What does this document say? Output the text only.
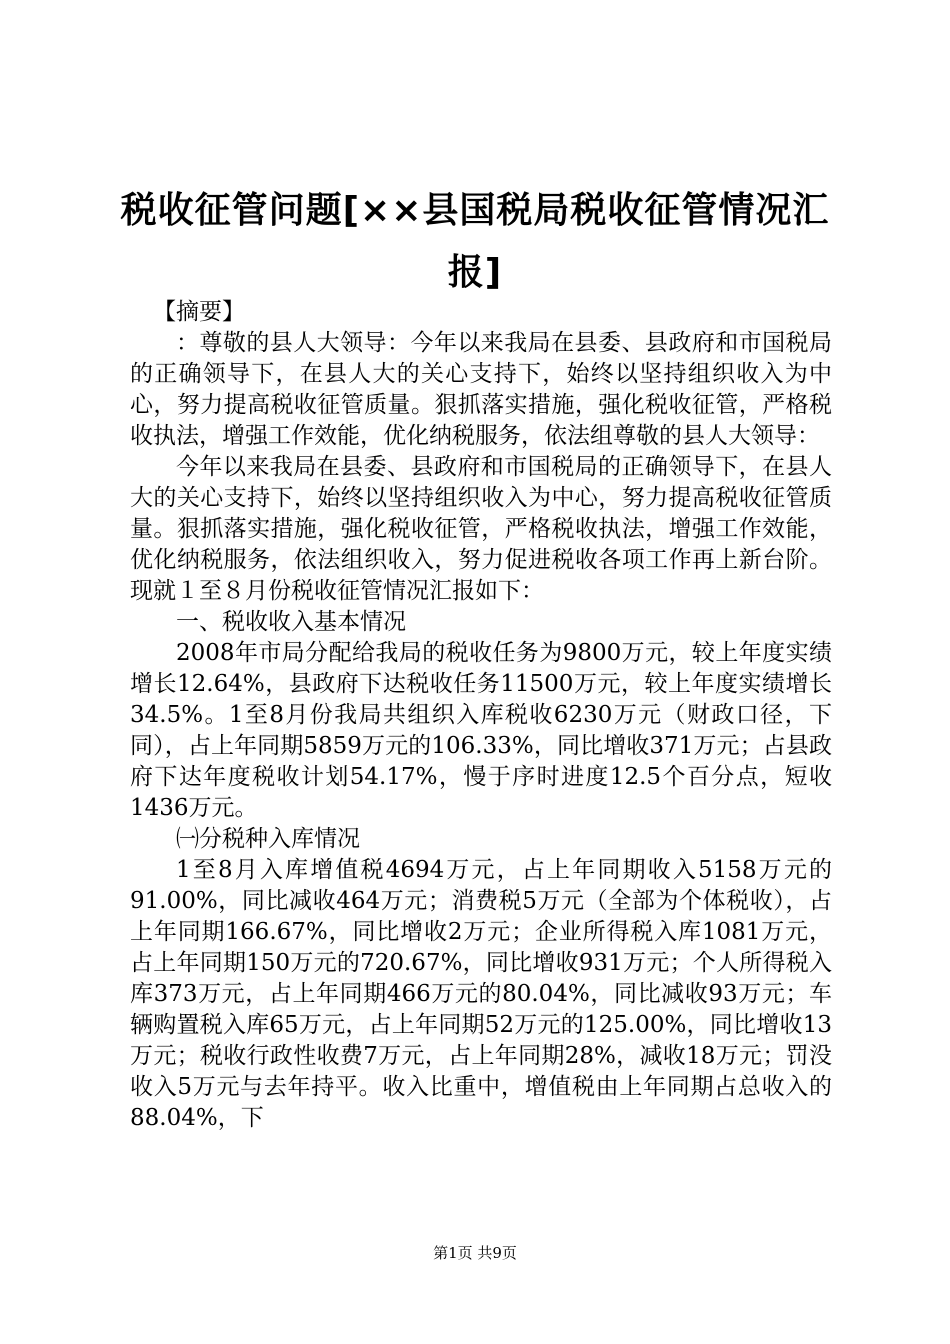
税收征管问题[××县国税局税收征管情况汇报]

【摘要】

：尊敬的县人大领导：今年以来我局在县委、县政府和市国税局的正确领导下，在县人大的关心支持下，始终以坚持组织收入为中心，努力提高税收征管质量。狠抓落实措施，强化税收征管，严格税收执法，增强工作效能，优化纳税服务，依法组尊敬的县人大领导：

今年以来我局在县委、县政府和市国税局的正确领导下，在县人大的关心支持下，始终以坚持组织收入为中心，努力提高税收征管质量。狠抓落实措施，强化税收征管，严格税收执法，增强工作效能，优化纳税服务，依法组织收入，努力促进税收各项工作再上新台阶。现就１至８月份税收征管情况汇报如下：

一、税收收入基本情况

2008年市局分配给我局的税收任务为9800万元，较上年度实绩增长12.64%，县政府下达税收任务11500万元，较上年度实绩增长34.5%。1至8月份我局共组织入库税收6230万元（财政口径，下同），占上年同期5859万元的106.33%，同比增收371万元；占县政府下达年度税收计划54.17%，慢于序时进度12.5个百分点，短收1436万元。

㈠分税种入库情况

1至8月入库增值税4694万元，占上年同期收入5158万元的91.00%，同比减收464万元；消费税5万元（全部为个体税收），占上年同期166.67%，同比增收2万元；企业所得税入库1081万元，占上年同期150万元的720.67%，同比增收931万元；个人所得税入库373万元，占上年同期466万元的80.04%，同比减收93万元；车辆购置税入库65万元，占上年同期52万元的125.00%，同比增收13万元；税收行政性收费7万元，占上年同期28%，减收18万元；罚没收入5万元与去年持平。收入比重中，增值税由上年同期占总收入的88.04%，下

第1页 共9页
